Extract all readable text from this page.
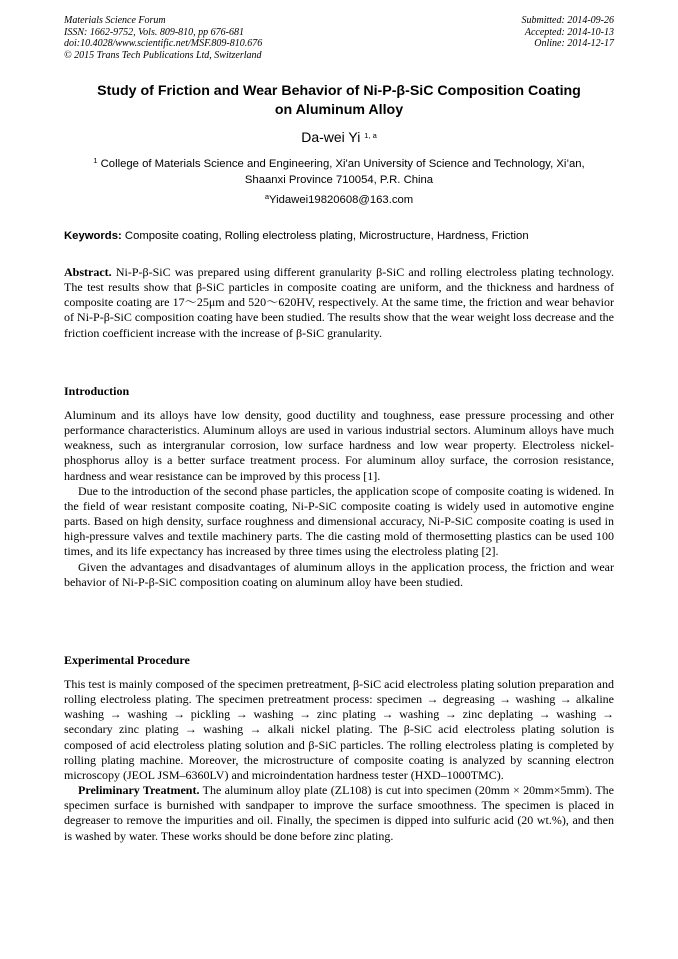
Materials Science Forum
ISSN: 1662-9752, Vols. 809-810, pp 676-681
doi:10.4028/www.scientific.net/MSF.809-810.676
© 2015 Trans Tech Publications Ltd, Switzerland
Submitted: 2014-09-26
Accepted: 2014-10-13
Online: 2014-12-17
Study of Friction and Wear Behavior of Ni-P-β-SiC Composition Coating
on Aluminum Alloy
Da-wei Yi $^{1, a}$
$^1$ College of Materials Science and Engineering, Xi'an University of Science and Technology, Xi’an,
Shaanxi Province 710054, P.R. China
$^a$Yidawei19820608@163.com
Keywords: Composite coating, Rolling electroless plating, Microstructure, Hardness, Friction

Abstract. Ni-P-β-SiC was prepared using different granularity β-SiC and rolling electroless plating technology. The test results show that β-SiC particles in composite coating are uniform, and the thickness and hardness of composite coating are 17～25μm and 520～620HV, respectively. At the same time, the friction and wear behavior of Ni-P-β-SiC composition coating have been studied. The results show that the wear weight loss decrease and the friction coefficient increase with the increase of β-SiC granularity.

Introduction

Aluminum and its alloys have low density, good ductility and toughness, ease pressure processing and other performance characteristics. Aluminum alloys are used in various industrial sectors. Aluminum alloys have much weakness, such as intergranular corrosion, low surface hardness and low wear property. Electroless nickel-phosphorus alloy is a better surface treatment process. For aluminum alloy surface, the corrosion resistance, hardness and wear resistance can be improved by this process [1].

Due to the introduction of the second phase particles, the application scope of composite coating is widened. In the field of wear resistant composite coating, Ni-P-SiC composite coating is widely used in automotive engine parts. Based on high density, surface roughness and dimensional accuracy, Ni-P-SiC composite coating is used in high-pressure valves and textile machinery parts. The die casting mold of thermosetting plastics can be used 100 times, and its life expectancy has increased by three times using the electroless plating [2].

Given the advantages and disadvantages of aluminum alloys in the application process, the friction and wear behavior of Ni-P-β-SiC composition coating on aluminum alloy have been studied.

Experimental Procedure

This test is mainly composed of the specimen pretreatment, β-SiC acid electroless plating solution preparation and rolling electroless plating. The specimen pretreatment process: specimen → degreasing → washing → alkaline washing → washing → pickling → washing → zinc plating → washing → zinc deplating → washing → secondary zinc plating → washing → alkali nickel plating. The β-SiC acid electroless plating solution is composed of acid electroless plating solution and β-SiC particles. The rolling electroless plating is completed by rolling plating machine. Moreover, the microstructure of composite coating is analyzed by scanning electron microscopy (JEOL JSM–6360LV) and microindentation hardness tester (HXD–1000TMC).

Preliminary Treatment. The aluminum alloy plate (ZL108) is cut into specimen (20mm × 20mm×5mm). The specimen surface is burnished with sandpaper to improve the surface smoothness. The specimen is placed in degreaser to remove the impurities and oil. Finally, the specimen is dipped into sulfuric acid (20 wt.%), and then is washed by water. These works should be done before zinc plating.
